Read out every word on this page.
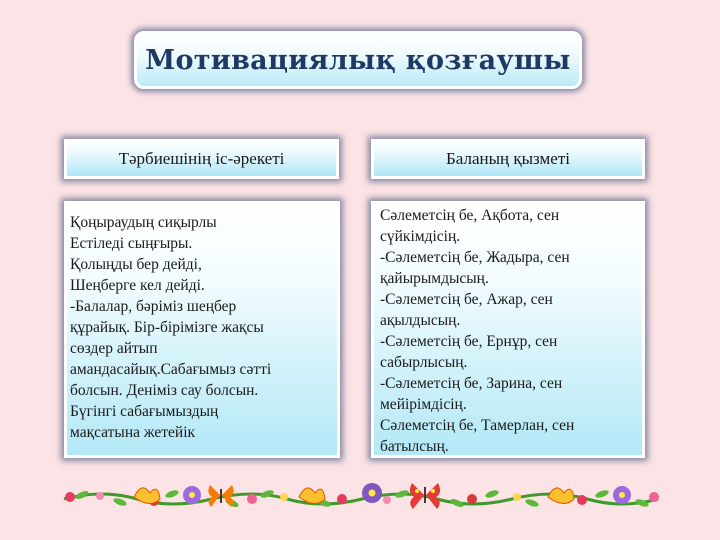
Мотивациялық қозғаушы
Тәрбиешінің іс-әрекеті	Баланың қызметі
Қоңыраудың сиқырлы
Естіледі сыңғыры.
Қолыңды бер дейді,
Шеңберге кел дейді.
-Балалар, бәріміз шеңбер
құрайық. Бір-бірімізге жақсы
сөздер айтып
амандасайық.Сабағымыз сәтті
болсын. Деніміз сау болсын.
Бүгінгі сабағымыздың
мақсатына жетейік
Сәлеметсің бе, Ақбота, сен
сүйкімдісің.
-Сәлеметсің бе, Жадыра, сен
қайырымдысың.
-Сәлеметсің бе, Ажар, сен
ақылдысың.
-Сәлеметсің бе, Ернұр, сен
сабырлысың.
-Сәлеметсің бе, Зарина, сен
мейірімдісің.
Сәлеметсің бе, Тамерлан, сен
батылсың.
